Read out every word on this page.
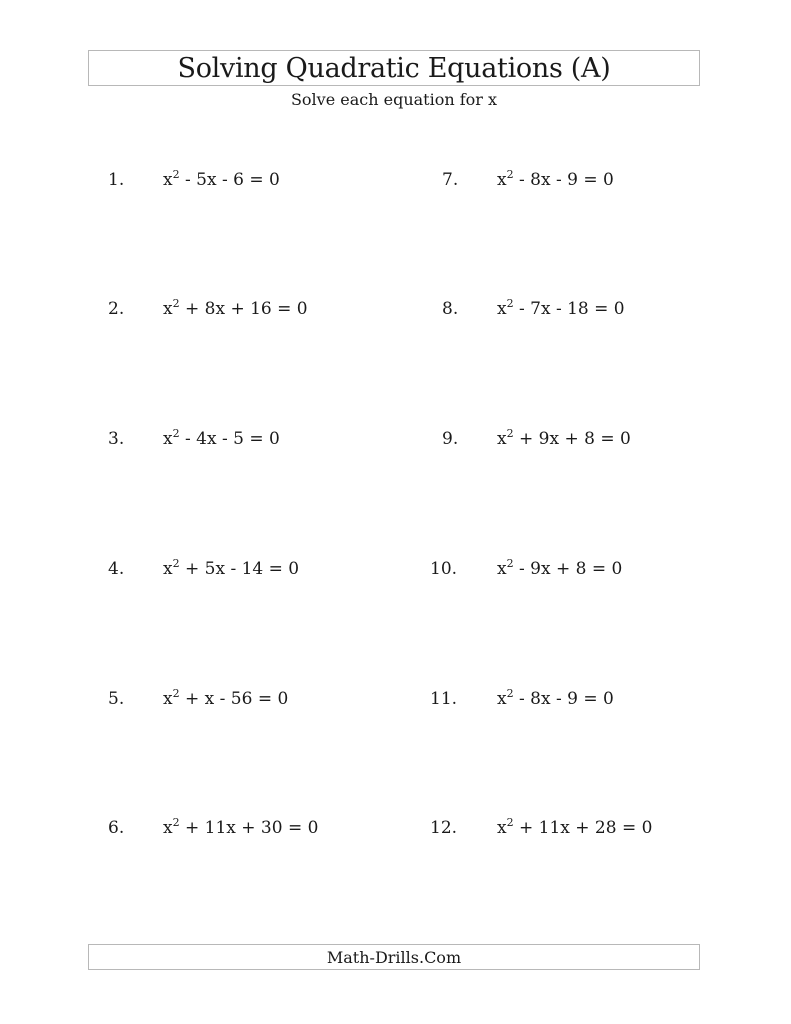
Solving Quadratic Equations (A)
Solve each equation for x
1. $x^2 - 5x - 6 = 0$
2. $x^2 + 8x + 16 = 0$
3. $x^2 - 4x - 5 = 0$
4. $x^2 + 5x - 14 = 0$
5. $x^2 + x - 56 = 0$
6. $x^2 + 11x + 30 = 0$
7. $x^2 - 8x - 9 = 0$
8. $x^2 - 7x - 18 = 0$
9. $x^2 + 9x + 8 = 0$
10. $x^2 - 9x + 8 = 0$
11. $x^2 - 8x - 9 = 0$
12. $x^2 + 11x + 28 = 0$
Math-Drills.Com
